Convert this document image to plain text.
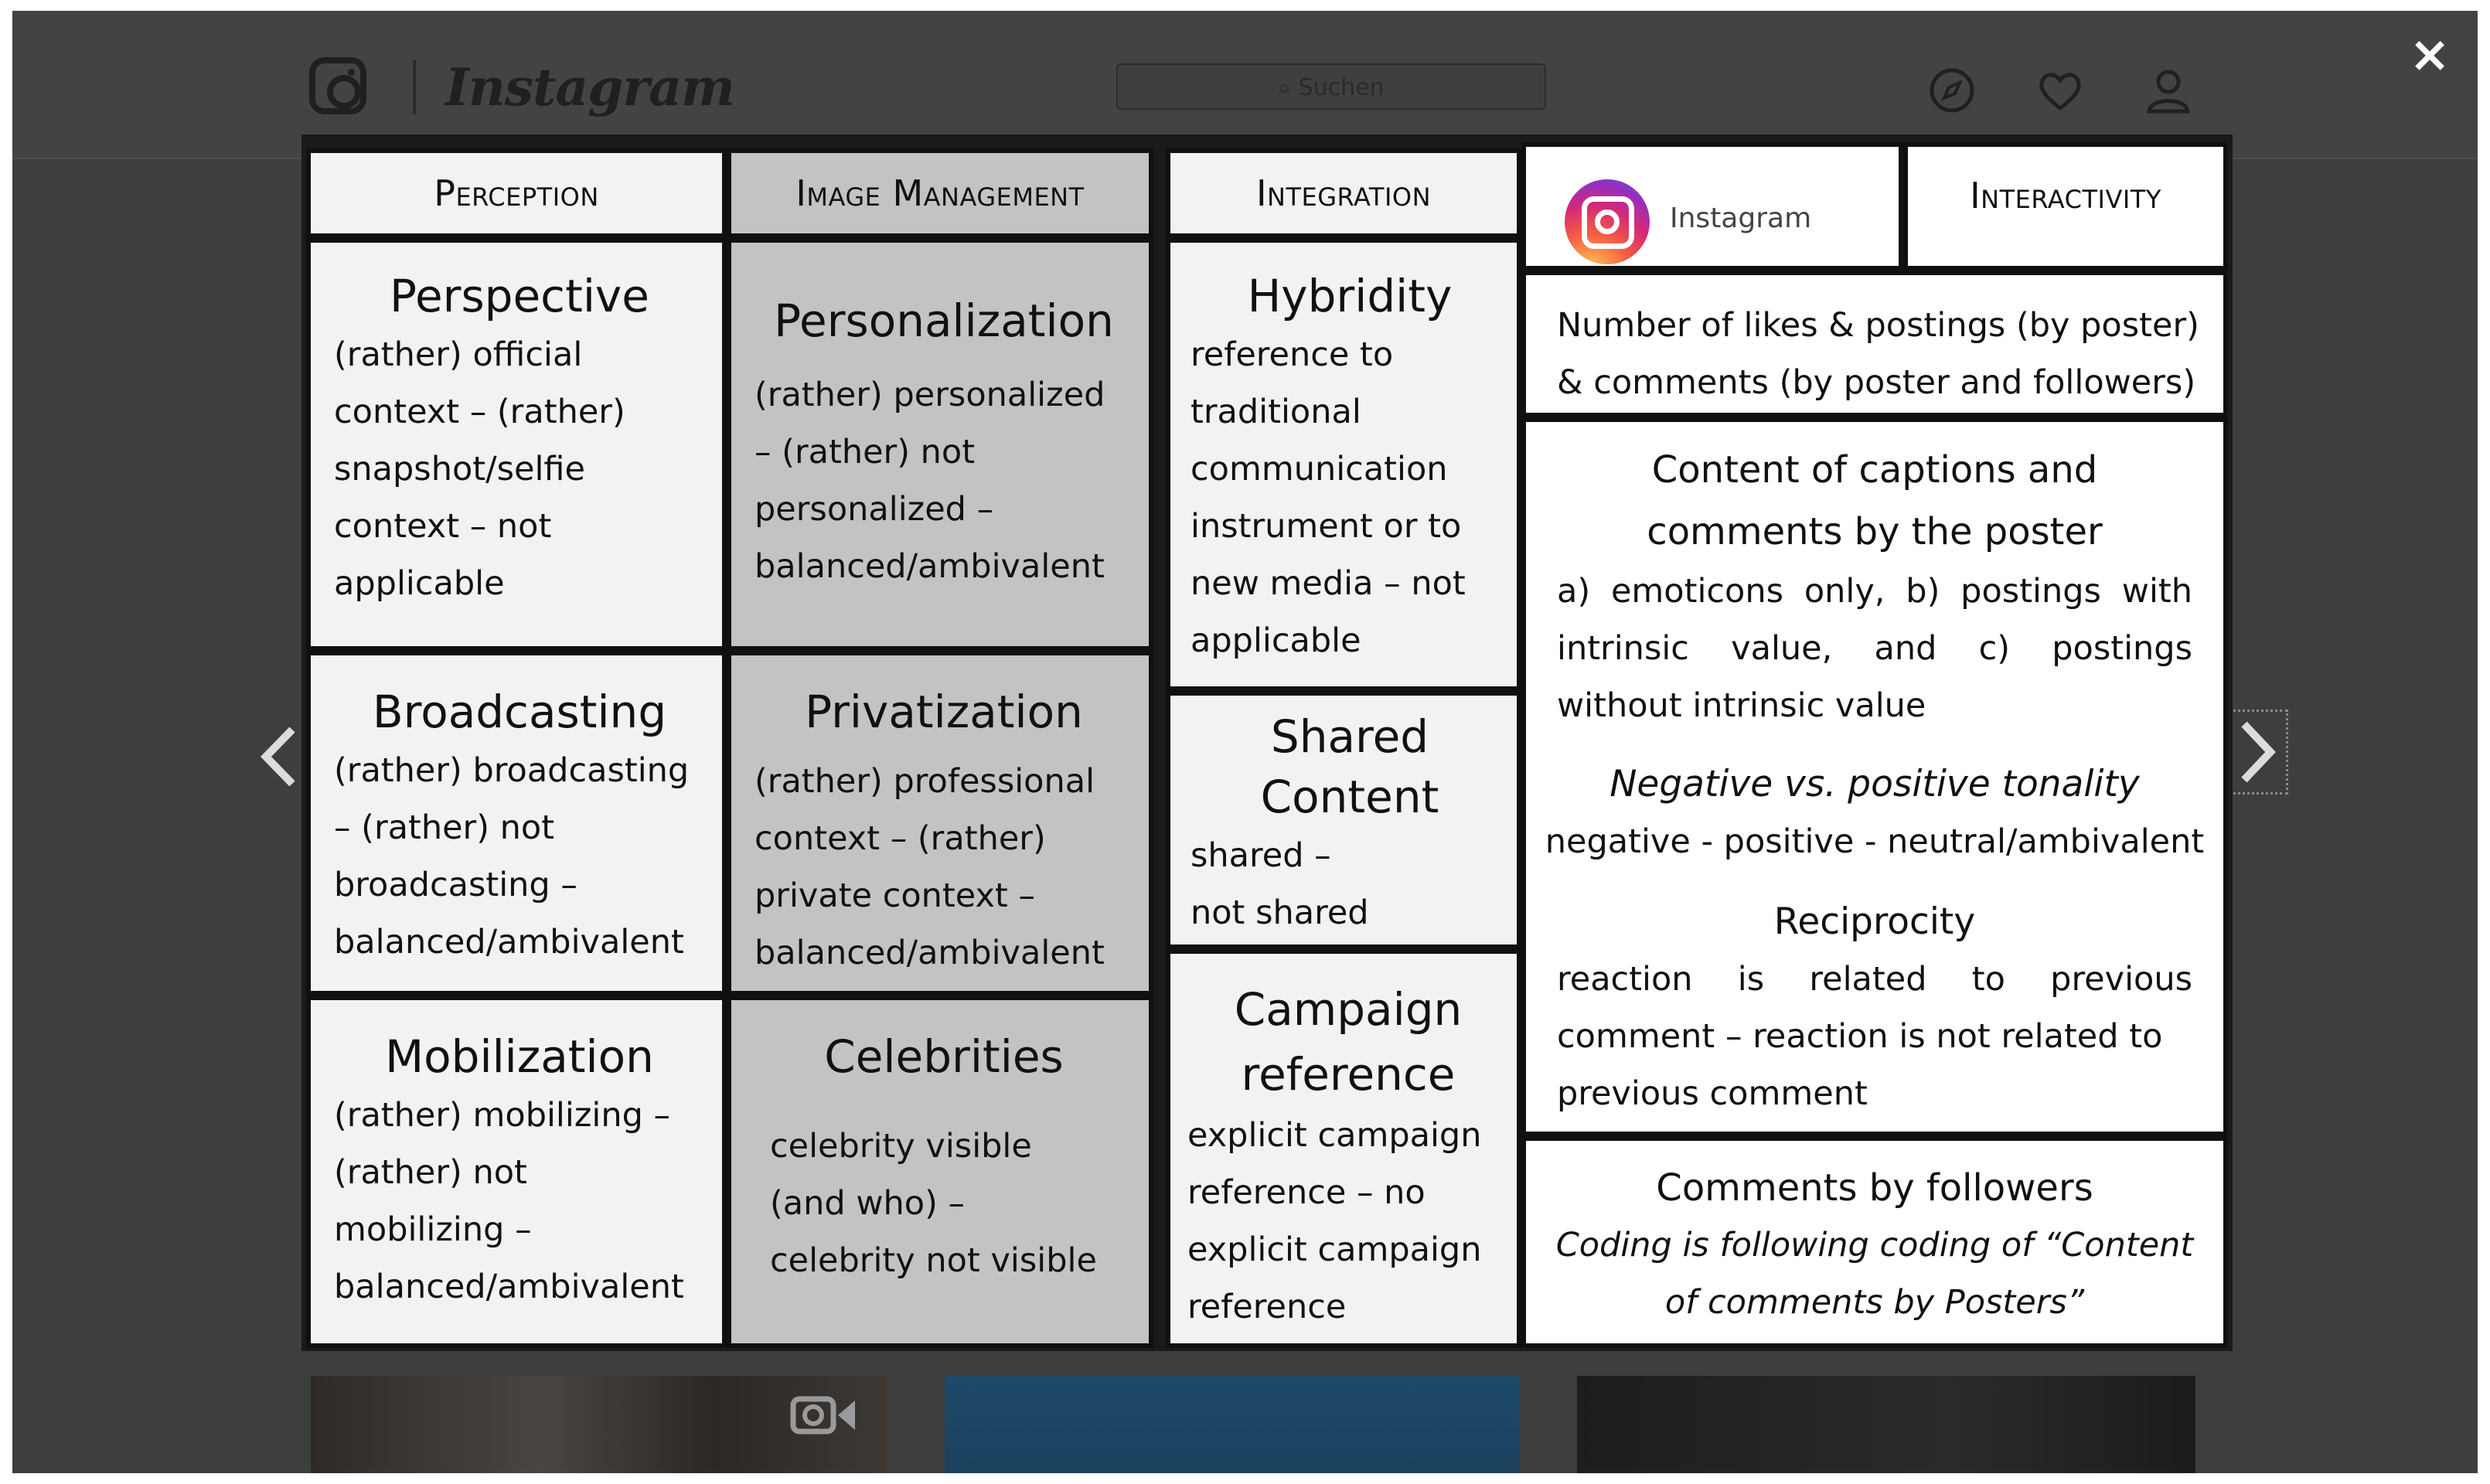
Instagram	⌕ Suchen
×
Perception
Perspective
(rather) official
context – (rather)
snapshot/selfie
context – not
applicable
Broadcasting
(rather) broadcasting
– (rather) not
broadcasting –
balanced/ambivalent
Mobilization
(rather) mobilizing –
(rather) not
mobilizing –
balanced/ambivalent
Image Management
Personalization
(rather) personalized
– (rather) not
personalized –
balanced/ambivalent
Privatization
(rather) professional
context – (rather)
private context –
balanced/ambivalent
Celebrities
celebrity visible
(and who) –
celebrity not visible
Integration
Hybridity
reference to
traditional
communication
instrument or to
new media – not
applicable
Shared
Content
shared –
not shared
Campaign
reference
explicit campaign
reference – no
explicit campaign
reference
Instagram
Interactivity
Number of likes & postings (by poster)
& comments (by poster and followers)
Content of captions and
comments by the poster
a) emoticons only, b) postings with
intrinsic value, and c) postings
without intrinsic value
Negative vs. positive tonality
negative - positive - neutral/ambivalent
Reciprocity
reaction is related to previous
comment – reaction is not related to
previous comment
Comments by followers
Coding is following coding of “Content
of comments by Posters”
